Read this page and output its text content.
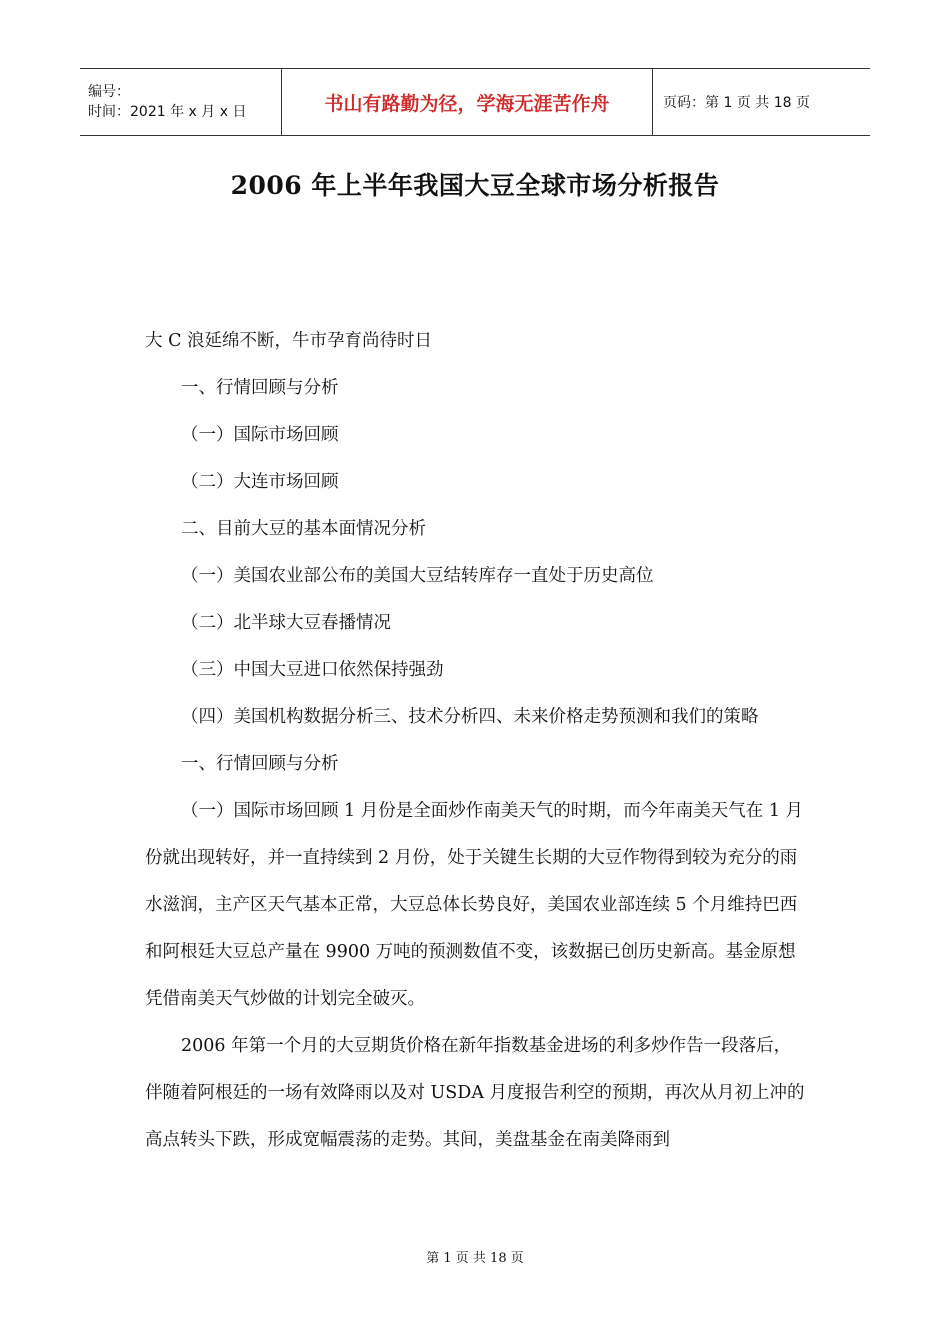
编号：
时间：2021 年 x 月 x 日	书山有路勤为径，学海无涯苦作舟	页码：第 1 页 共 18 页
2006 年上半年我国大豆全球市场分析报告

大 C 浪延绵不断，牛市孕育尚待时日

一、行情回顾与分析

（一）国际市场回顾

（二）大连市场回顾

二、目前大豆的基本面情况分析

（一）美国农业部公布的美国大豆结转库存一直处于历史高位

（二）北半球大豆春播情况

（三）中国大豆进口依然保持强劲

（四）美国机构数据分析三、技术分析四、未来价格走势预测和我们的策略

一、行情回顾与分析

（一）国际市场回顾 1 月份是全面炒作南美天气的时期，而今年南美天气在 1 月份就出现转好，并一直持续到 2 月份，处于关键生长期的大豆作物得到较为充分的雨水滋润，主产区天气基本正常，大豆总体长势良好，美国农业部连续 5 个月维持巴西和阿根廷大豆总产量在 9900 万吨的预测数值不变，该数据已创历史新高。基金原想凭借南美天气炒做的计划完全破灭。

2006 年第一个月的大豆期货价格在新年指数基金进场的利多炒作告一段落后，伴随着阿根廷的一场有效降雨以及对 USDA 月度报告利空的预期，再次从月初上冲的高点转头下跌，形成宽幅震荡的走势。其间，美盘基金在南美降雨到

第 1 页 共 18 页
